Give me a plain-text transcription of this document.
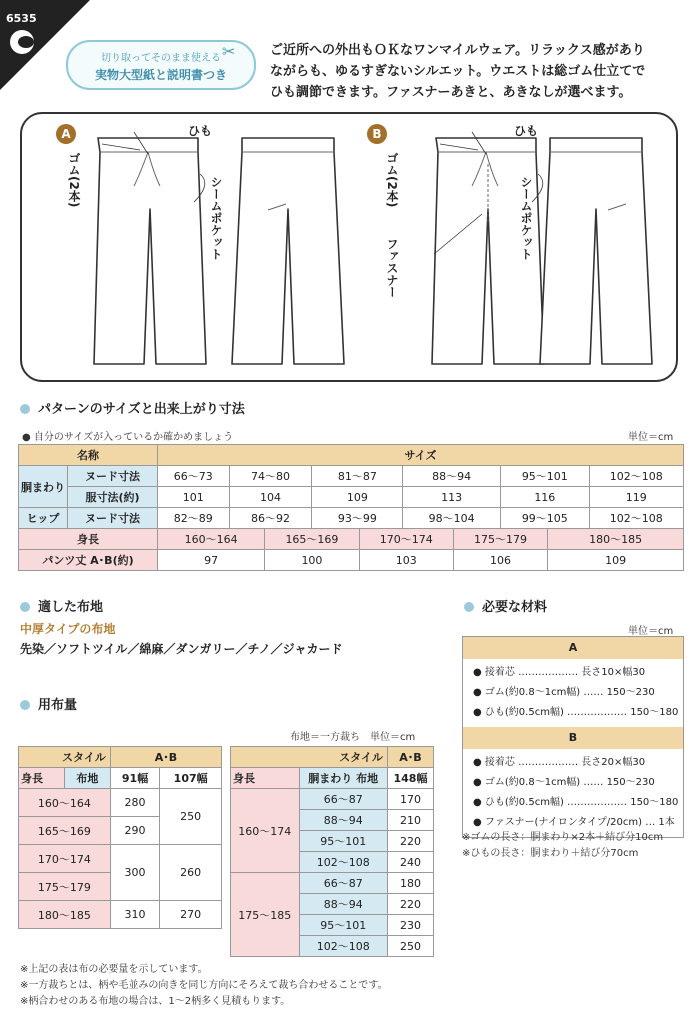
6535
切り取ってそのまま使える
実物大型紙と説明書つき
✂	ご近所への外出もＯＫなワンマイルウェア。リラックス感があり
ながらも、ゆるすぎないシルエット。ウエストは総ゴム仕立てで
ひも調節できます。ファスナーあきと、あきなしが選べます。
A	ひも
ゴム(2本)	シームポケット
B	ひも
ゴム(2本)
ファスナー
シームポケット
パターンのサイズと出来上がり寸法
● 自分のサイズが入っているか確かめましょう	単位＝cm
名称		サイズ									
胴まわり	ヌード寸法	66〜73	74〜80		81〜87		88〜94		95〜101		102〜108
	服寸法(約)	101	104		109		113		116		119
ヒップ	ヌード寸法	82〜89	86〜92		93〜99		98〜104		99〜105		102〜108
身長		160〜164		165〜169		170〜174		175〜179		180〜185	
パンツ丈 A･B(約)		97		100		103		106		109	
適した布地
中厚タイプの布地
先染／ソフトツイル／綿麻／ダンガリー／チノ／ジャカード
用布量
布地＝一方裁ち　単位＝cm
スタイル		A･B	
身長	布地	91幅	107幅
160〜164		280	250
165〜169		290	
170〜174		300	260
175〜179			
180〜185		310	270
スタイル		A･B
身長	胴まわり 布地	148幅
160〜174	66〜87	170
	88〜94	210
	95〜101	220
	102〜108	240
175〜185	66〜87	180
	88〜94	220
	95〜101	230
	102〜108	250
※上記の表は布の必要量を示しています。
※一方裁ちとは、柄や毛並みの向きを同じ方向にそろえて裁ち合わせることです。
※柄合わせのある布地の場合は、1〜2柄多く見積もります。
必要な材料
単位＝cm
A
● 接着芯 ……………… 長さ10×幅30
● ゴム(約0.8〜1cm幅) …… 150〜230
● ひも(約0.5cm幅) ……………… 150〜180
B
● 接着芯 ……………… 長さ20×幅30
● ゴム(約0.8〜1cm幅) …… 150〜230
● ひも(約0.5cm幅) ……………… 150〜180
● ファスナー(ナイロンタイプ/20cm) … 1本
※ゴムの長さ：胴まわり×2本＋結び分10cm
※ひもの長さ：胴まわり＋結び分70cm
